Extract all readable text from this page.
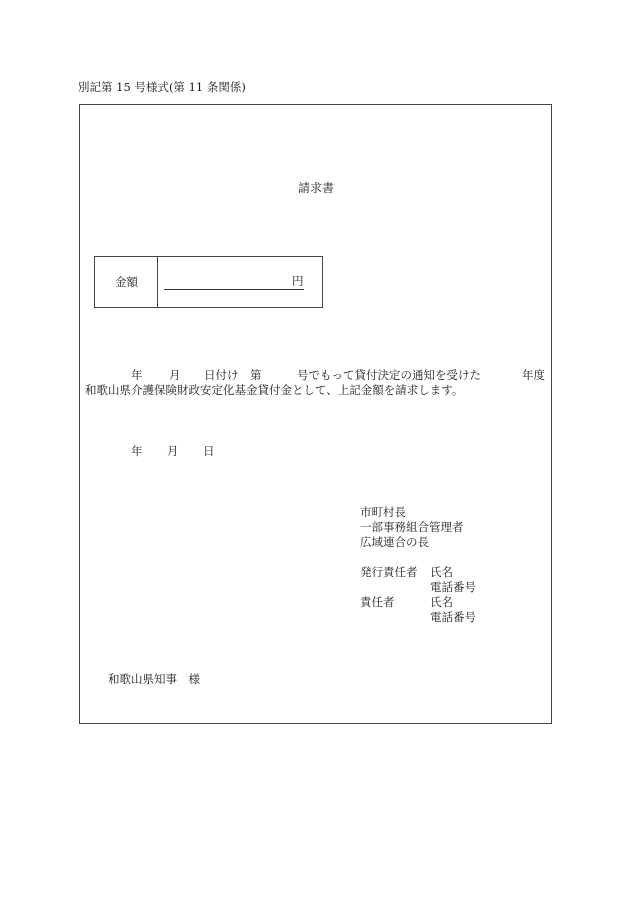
別記第 15 号様式(第 11 条関係)
請求書
金額	円
年 月 日付け 第	号でもって貸付決定の通知を受けた	年度
和歌山県介護保険財政安定化基金貸付金として、上記金額を請求します。
年 月 日
市町村長
一部事務組合管理者
広域連合の長
発行責任者 氏名
電話番号
責任者	氏名
電話番号
和歌山県知事　様
